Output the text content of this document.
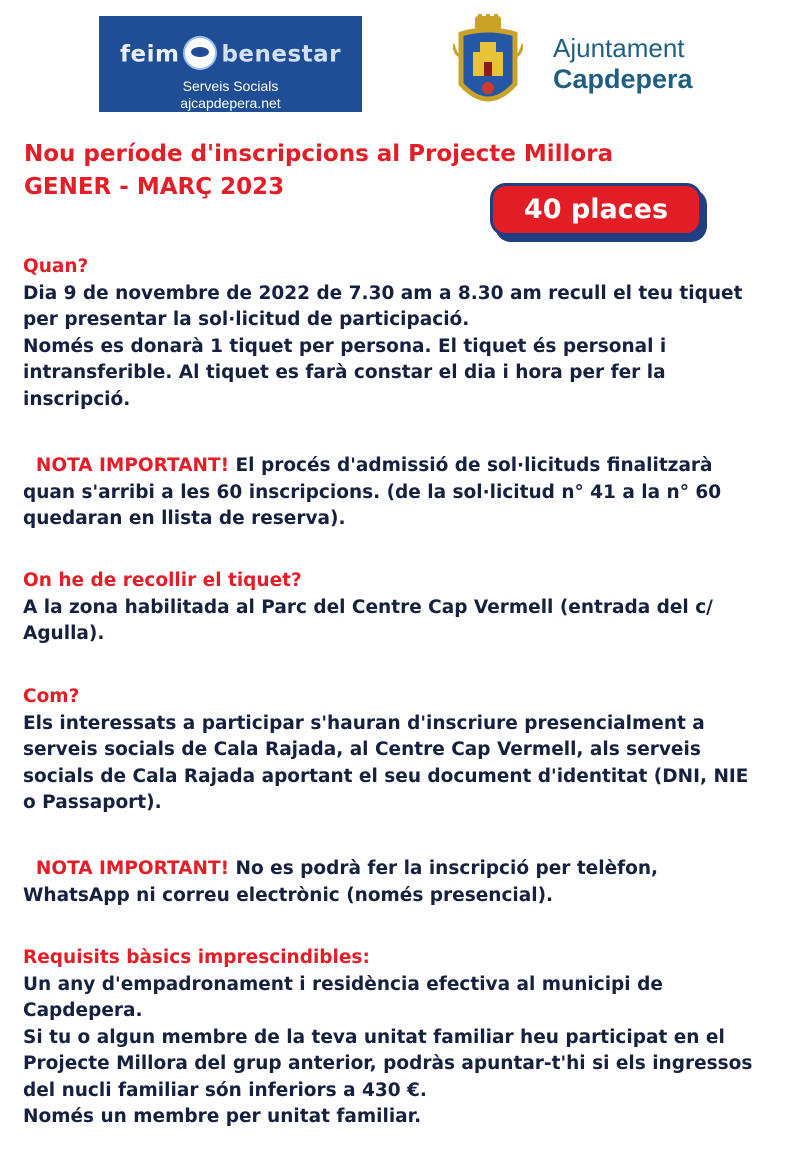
feim benestar
Serveis Socials
ajcapdepera.net
Ajuntament
Capdepera
Nou període d'inscripcions al Projecte Millora
GENER - MARÇ 2023
40 places

Quan?

Dia 9 de novembre de 2022 de 7.30 am a 8.30 am recull el teu tiquet

per presentar la sol·licitud de participació.

Només es donarà 1 tiquet per persona. El tiquet és personal i

intransferible. Al tiquet es farà constar el dia i hora per fer la

inscripció.

NOTA IMPORTANT! El procés d'admissió de sol·licituds finalitzarà

quan s'arribi a les 60 inscripcions. (de la sol·licitud n° 41 a la n° 60

quedaran en llista de reserva).

On he de recollir el tiquet?

A la zona habilitada al Parc del Centre Cap Vermell (entrada del c/

Agulla).

Com?

Els interessats a participar s'hauran d'inscriure presencialment a

serveis socials de Cala Rajada, al Centre Cap Vermell, als serveis

socials de Cala Rajada aportant el seu document d'identitat (DNI, NIE

o Passaport).

NOTA IMPORTANT! No es podrà fer la inscripció per telèfon,

WhatsApp ni correu electrònic (només presencial).

Requisits bàsics imprescindibles:

Un any d'empadronament i residència efectiva al municipi de

Capdepera.

Si tu o algun membre de la teva unitat familiar heu participat en el

Projecte Millora del grup anterior, podràs apuntar-t'hi si els ingressos

del nucli familiar són inferiors a 430 €.

Només un membre per unitat familiar.
